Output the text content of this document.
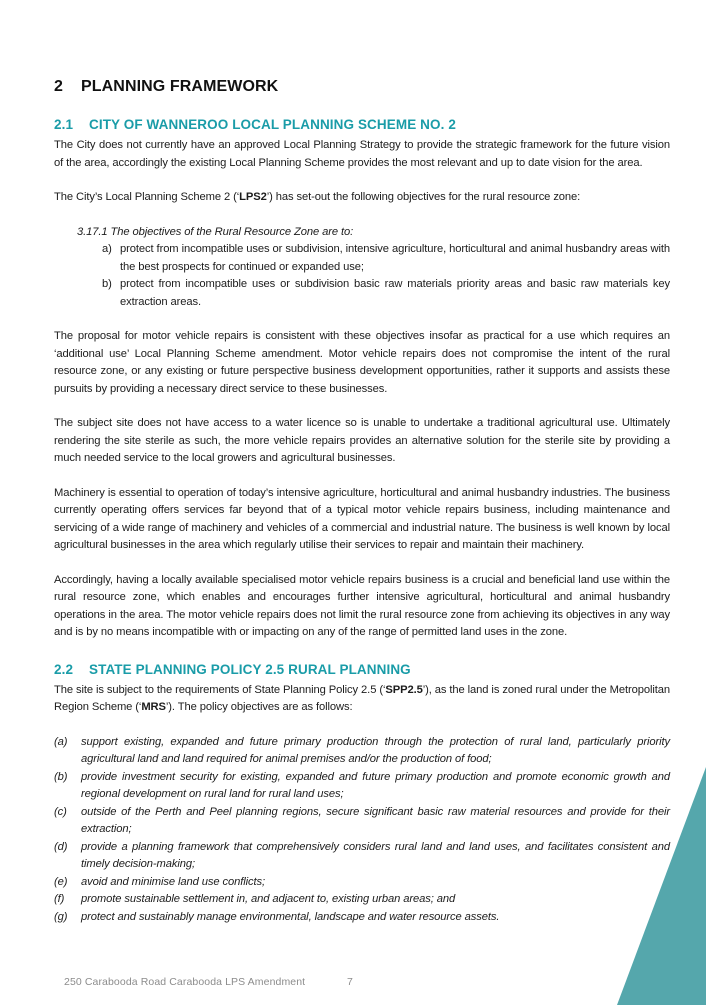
2 PLANNING FRAMEWORK
2.1 CITY OF WANNEROO LOCAL PLANNING SCHEME NO. 2

The City does not currently have an approved Local Planning Strategy to provide the strategic framework for the future vision of the area, accordingly the existing Local Planning Scheme provides the most relevant and up to date vision for the area.

The City’s Local Planning Scheme 2 (‘LPS2’) has set-out the following objectives for the rural resource zone:

3.17.1 The objectives of the Rural Resource Zone are to:
a) protect from incompatible uses or subdivision, intensive agriculture, horticultural and animal husbandry areas with the best prospects for continued or expanded use;
b) protect from incompatible uses or subdivision basic raw materials priority areas and basic raw materials key extraction areas.

The proposal for motor vehicle repairs is consistent with these objectives insofar as practical for a use which requires an ‘additional use’ Local Planning Scheme amendment. Motor vehicle repairs does not compromise the intent of the rural resource zone, or any existing or future perspective business development opportunities, rather it supports and assists these pursuits by providing a necessary direct service to these businesses.

The subject site does not have access to a water licence so is unable to undertake a traditional agricultural use. Ultimately rendering the site sterile as such, the more vehicle repairs provides an alternative solution for the sterile site by providing a much needed service to the local growers and agricultural businesses.

Machinery is essential to operation of today’s intensive agriculture, horticultural and animal husbandry industries. The business currently operating offers services far beyond that of a typical motor vehicle repairs business, including maintenance and servicing of a wide range of machinery and vehicles of a commercial and industrial nature. The business is well known by local agricultural businesses in the area which regularly utilise their services to repair and maintain their machinery.

Accordingly, having a locally available specialised motor vehicle repairs business is a crucial and beneficial land use within the rural resource zone, which enables and encourages further intensive agricultural, horticultural and animal husbandry operations in the area. The motor vehicle repairs does not limit the rural resource zone from achieving its objectives in any way and is by no means incompatible with or impacting on any of the range of permitted land uses in the zone.

2.2 STATE PLANNING POLICY 2.5 RURAL PLANNING

The site is subject to the requirements of State Planning Policy 2.5 (‘SPP2.5’), as the land is zoned rural under the Metropolitan Region Scheme (‘MRS’). The policy objectives are as follows:

(a)	support existing, expanded and future primary production through the protection of rural land, particularly priority agricultural land and land required for animal premises and/or the production of food;
(b)	provide investment security for existing, expanded and future primary production and promote economic growth and regional development on rural land for rural land uses;
(c)	outside of the Perth and Peel planning regions, secure significant basic raw material resources and provide for their extraction;
(d)	provide a planning framework that comprehensively considers rural land and land uses, and facilitates consistent and timely decision-making;
(e)	avoid and minimise land use conflicts;
(f)	promote sustainable settlement in, and adjacent to, existing urban areas; and
(g)	protect and sustainably manage environmental, landscape and water resource assets.
250 Carabooda Road Carabooda LPS Amendment	7
